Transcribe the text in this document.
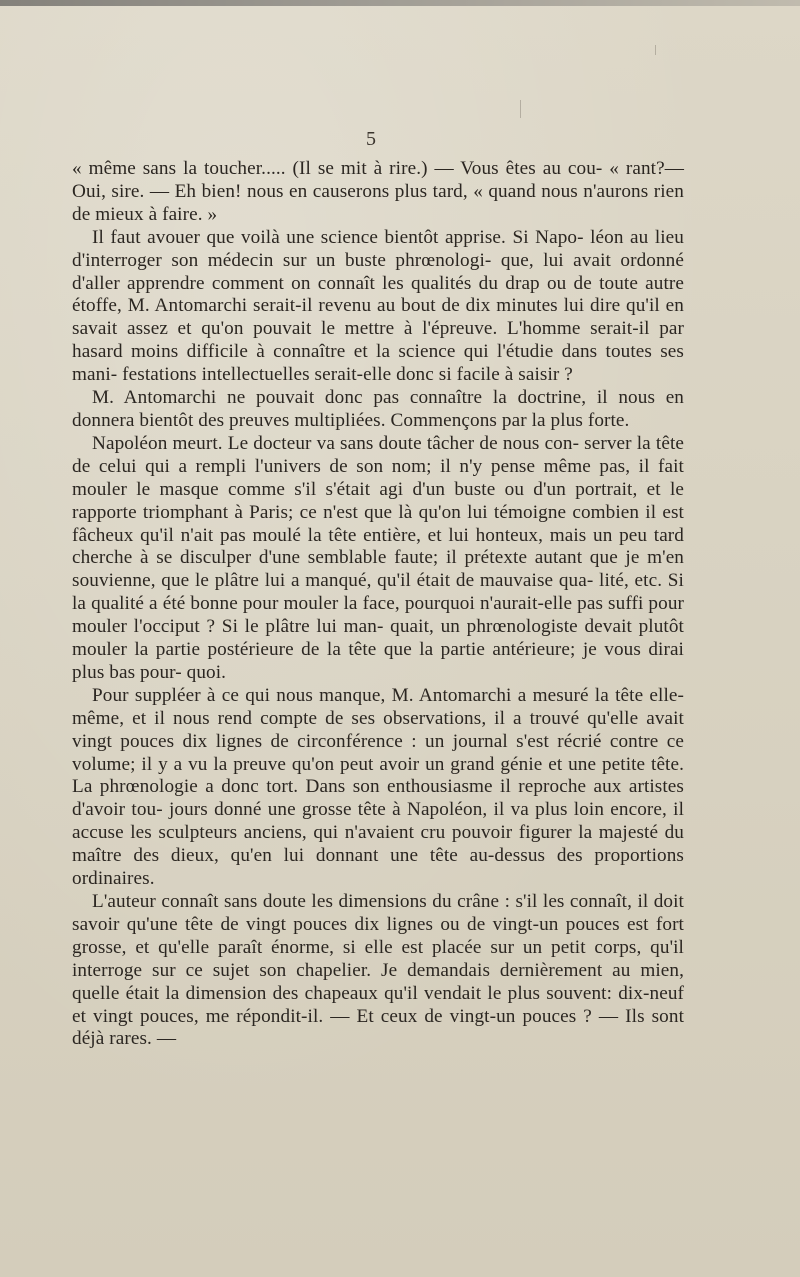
5

« même sans la toucher..... (Il se mit à rire.) — Vous êtes au cou- « rant?— Oui, sire. — Eh bien! nous en causerons plus tard, « quand nous n'aurons rien de mieux à faire. »

Il faut avouer que voilà une science bientôt apprise. Si Napo- léon au lieu d'interroger son médecin sur un buste phrœnologi- que, lui avait ordonné d'aller apprendre comment on connaît les qualités du drap ou de toute autre étoffe, M. Antomarchi serait-il revenu au bout de dix minutes lui dire qu'il en savait assez et qu'on pouvait le mettre à l'épreuve. L'homme serait-il par hasard moins difficile à connaître et la science qui l'étudie dans toutes ses mani- festations intellectuelles serait-elle donc si facile à saisir ?

M. Antomarchi ne pouvait donc pas connaître la doctrine, il nous en donnera bientôt des preuves multipliées. Commençons par la plus forte.

Napoléon meurt. Le docteur va sans doute tâcher de nous con- server la tête de celui qui a rempli l'univers de son nom; il n'y pense même pas, il fait mouler le masque comme s'il s'était agi d'un buste ou d'un portrait, et le rapporte triomphant à Paris; ce n'est que là qu'on lui témoigne combien il est fâcheux qu'il n'ait pas moulé la tête entière, et lui honteux, mais un peu tard cherche à se disculper d'une semblable faute; il prétexte autant que je m'en souvienne, que le plâtre lui a manqué, qu'il était de mauvaise qua- lité, etc. Si la qualité a été bonne pour mouler la face, pourquoi n'aurait-elle pas suffi pour mouler l'occiput ? Si le plâtre lui man- quait, un phrœnologiste devait plutôt mouler la partie postérieure de la tête que la partie antérieure; je vous dirai plus bas pour- quoi.

Pour suppléer à ce qui nous manque, M. Antomarchi a mesuré la tête elle-même, et il nous rend compte de ses observations, il a trouvé qu'elle avait vingt pouces dix lignes de circonférence : un journal s'est récrié contre ce volume; il y a vu la preuve qu'on peut avoir un grand génie et une petite tête. La phrœnologie a donc tort. Dans son enthousiasme il reproche aux artistes d'avoir tou- jours donné une grosse tête à Napoléon, il va plus loin encore, il accuse les sculpteurs anciens, qui n'avaient cru pouvoir figurer la majesté du maître des dieux, qu'en lui donnant une tête au-dessus des proportions ordinaires.

L'auteur connaît sans doute les dimensions du crâne : s'il les connaît, il doit savoir qu'une tête de vingt pouces dix lignes ou de vingt-un pouces est fort grosse, et qu'elle paraît énorme, si elle est placée sur un petit corps, qu'il interroge sur ce sujet son chapelier. Je demandais dernièrement au mien, quelle était la dimension des chapeaux qu'il vendait le plus souvent: dix-neuf et vingt pouces, me répondit-il. — Et ceux de vingt-un pouces ? — Ils sont déjà rares. —
